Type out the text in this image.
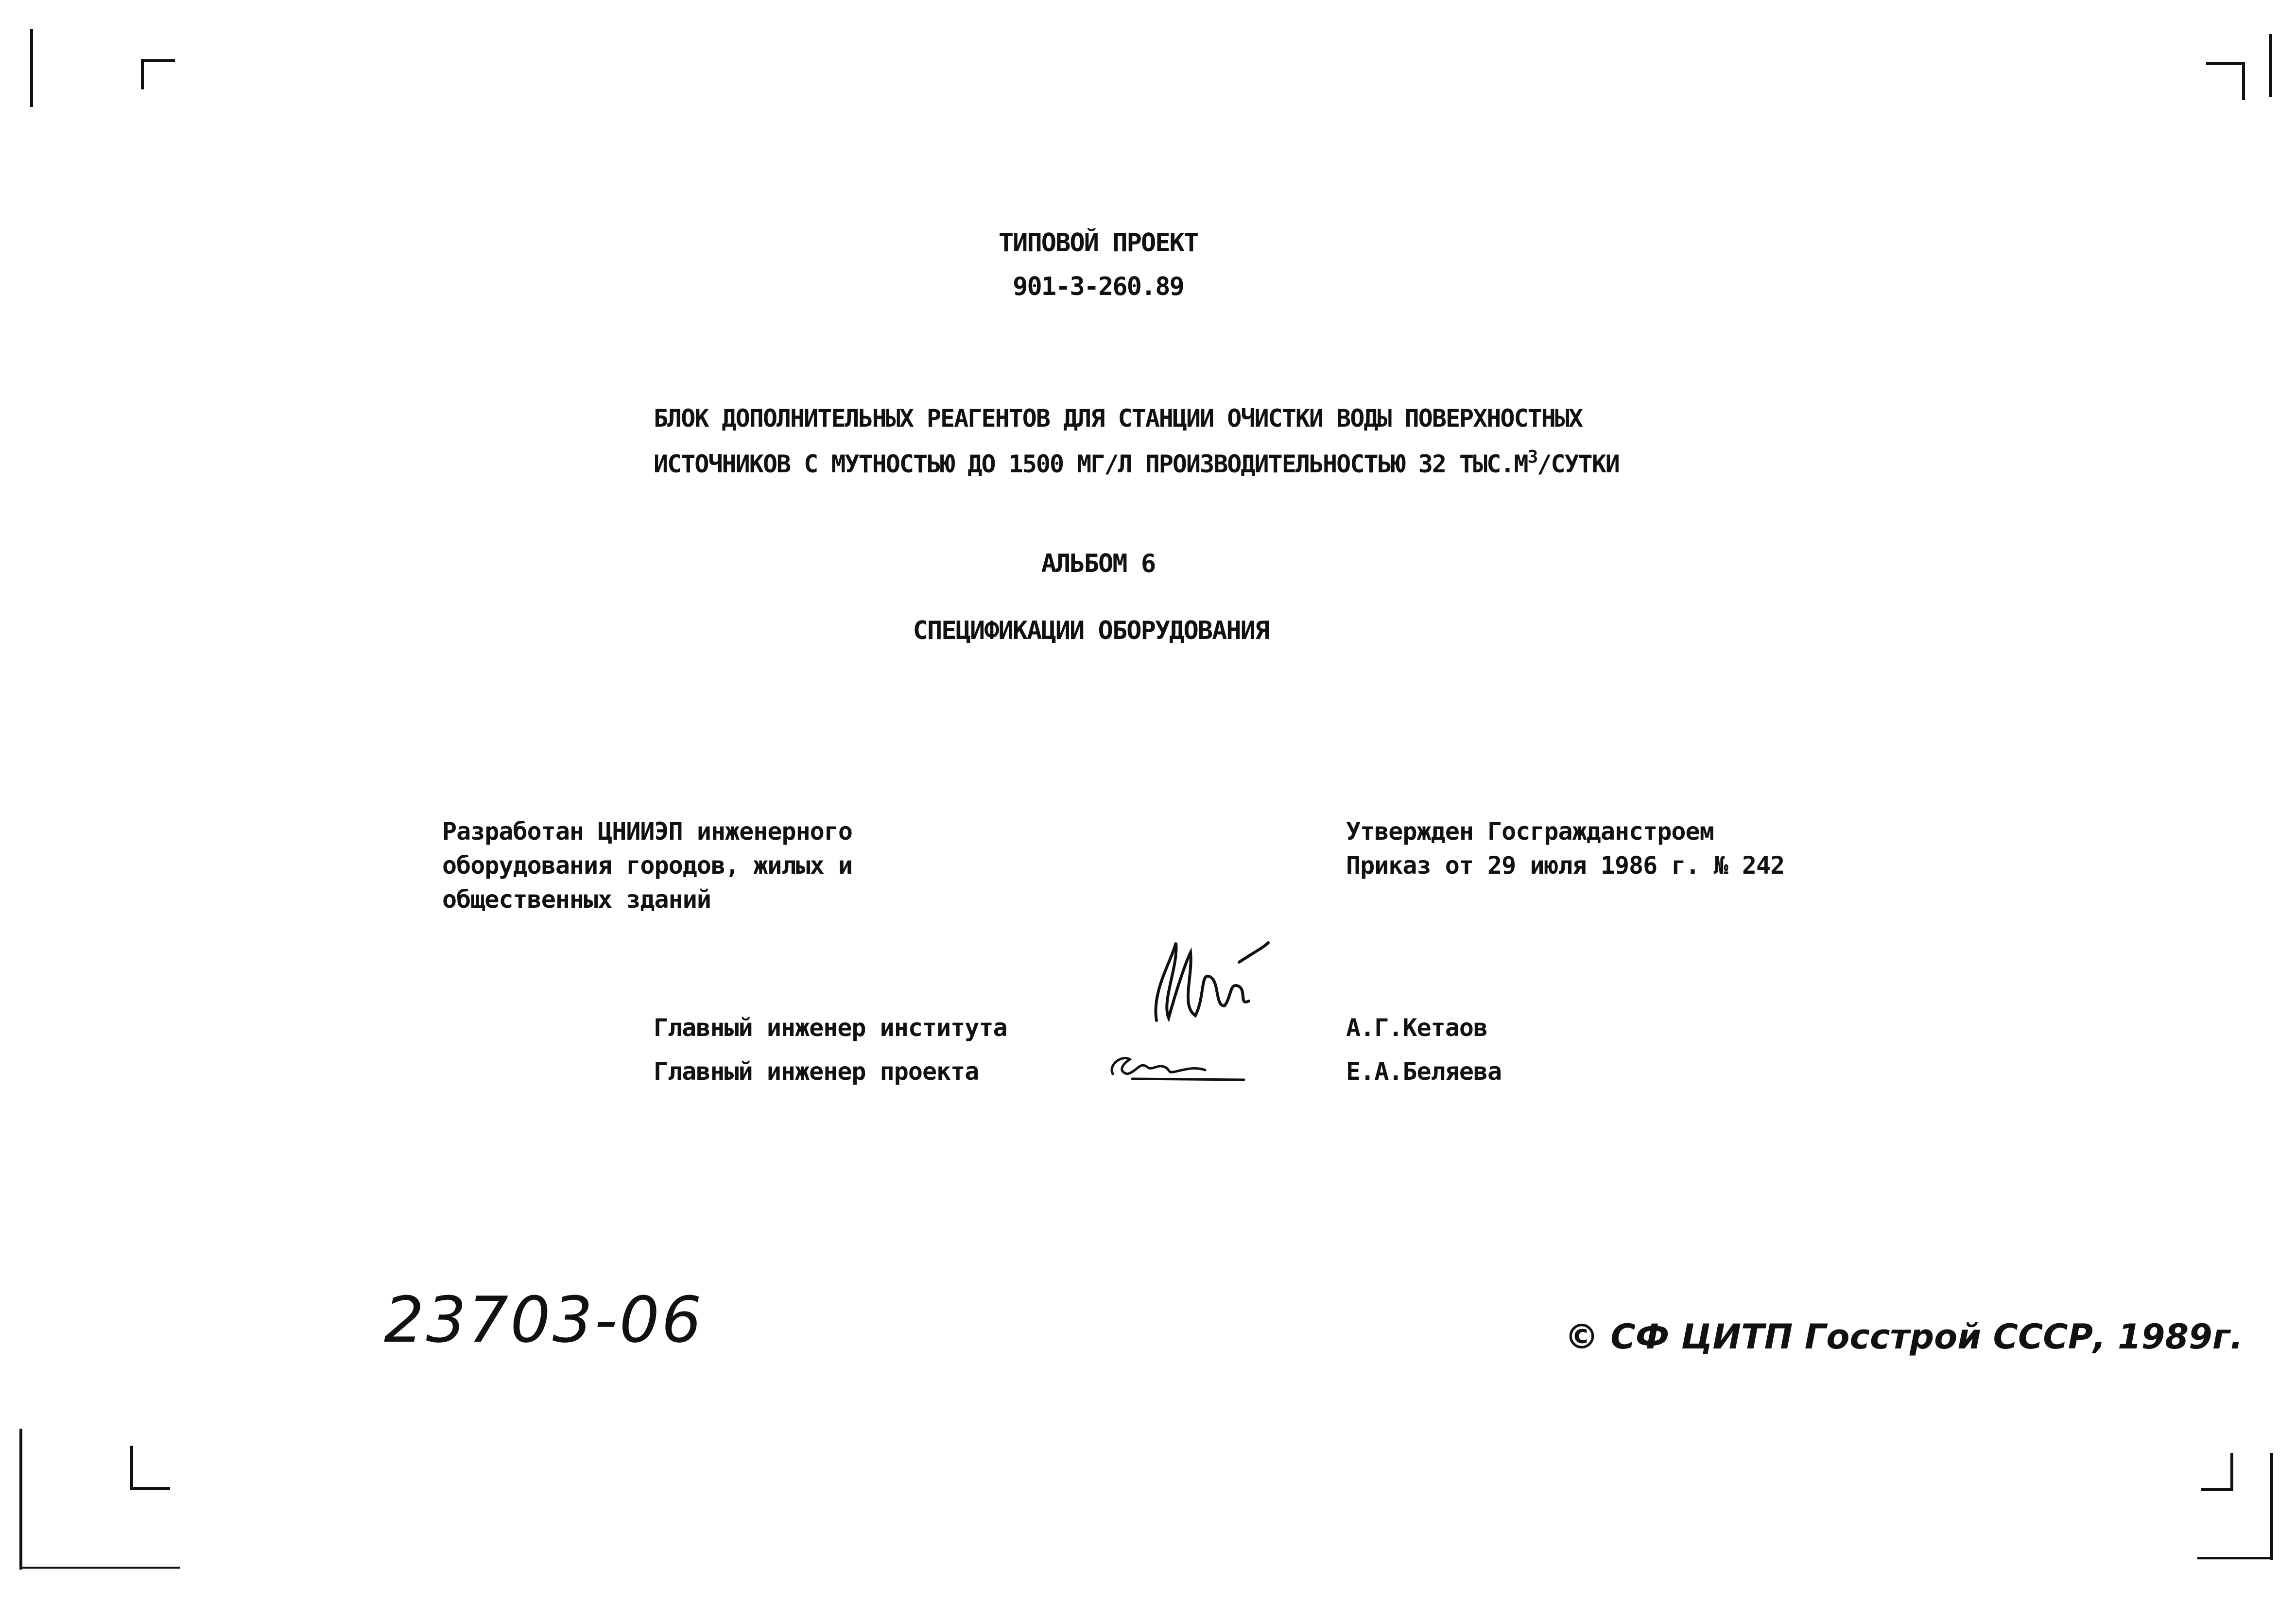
ТИПОВОЙ ПРОЕКТ
901-3-260.89
БЛОК ДОПОЛНИТЕЛЬНЫХ РЕАГЕНТОВ ДЛЯ СТАНЦИИ ОЧИСТКИ ВОДЫ ПОВЕРХНОСТНЫХ
ИСТОЧНИКОВ С МУТНОСТЬЮ ДО 1500 МГ/Л ПРОИЗВОДИТЕЛЬНОСТЬЮ 32 $ТЫС.М^3$/СУТКИ
АЛЬБОМ 6
СПЕЦИФИКАЦИИ ОБОРУДОВАНИЯ
Разработан ЦНИИЭП инженерного
оборудования городов, жилых и
общественных зданий
Утвержден Госгражданстроем
Приказ от 29 июля 1986 г. № 242
Главный инженер института	А.Г.Кетаов
Главный инженер проекта	Е.А.Беляева
23703-06	© СФ ЦИТП Госстрой СССР, 1989г.
